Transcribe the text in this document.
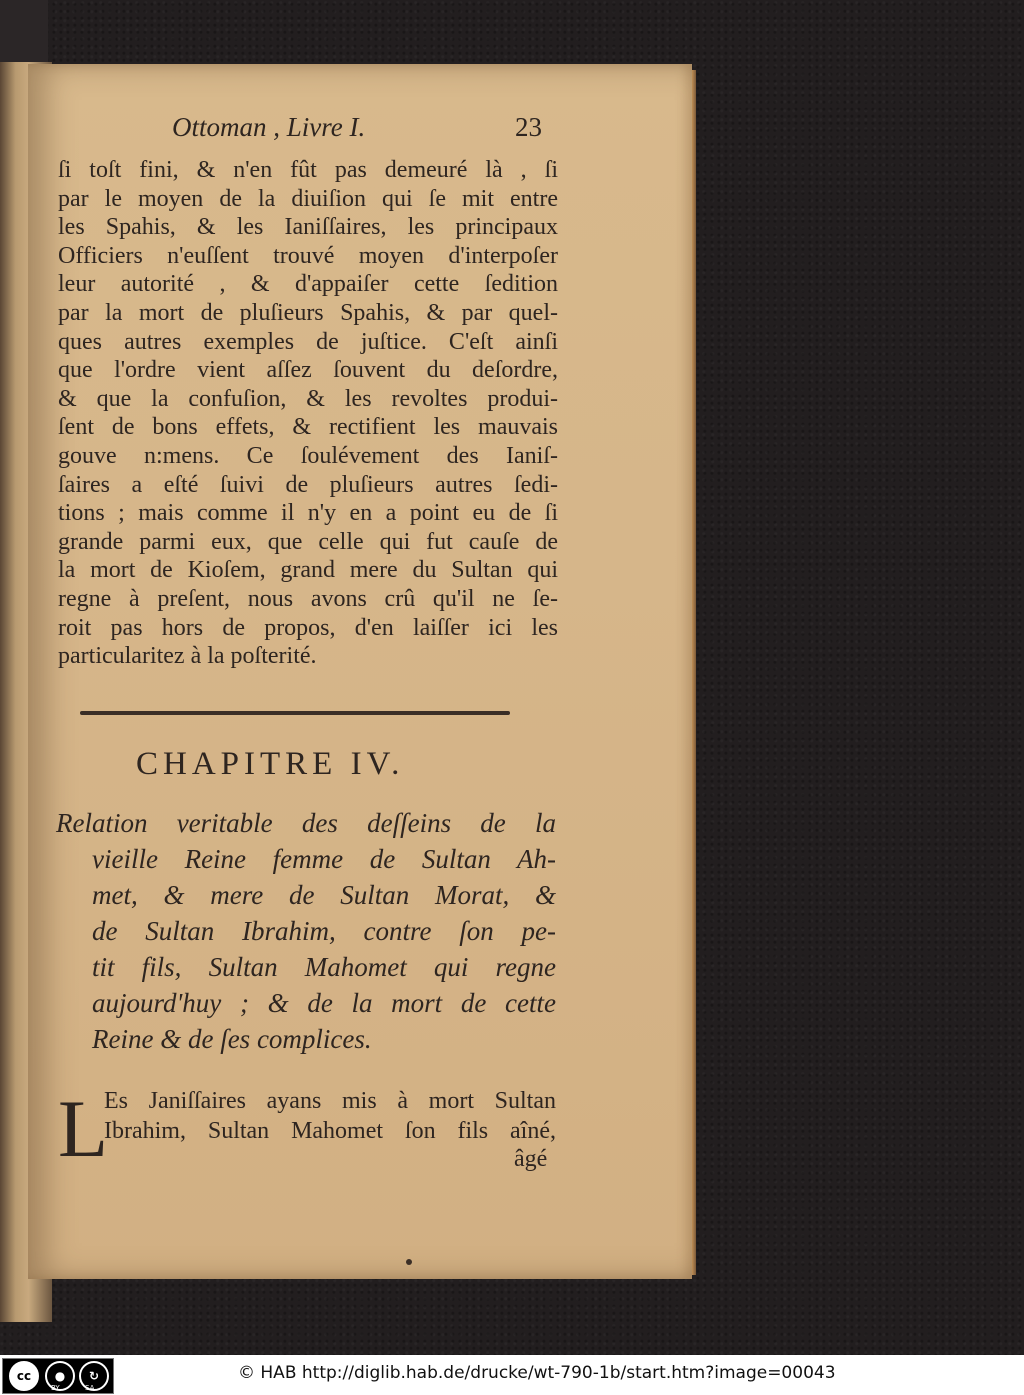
Ottoman , Livre I.	23
ſi toſt fini, & n'en fût pas demeuré là , ſi
par le moyen de la diuiſion qui ſe mit entre
les Spahis, & les Ianiſſaires, les principaux
Officiers n'euſſent trouvé moyen d'interpoſer
leur autorité , & d'appaiſer cette ſedition
par la mort de pluſieurs Spahis, & par quel-
ques autres exemples de juſtice. C'eſt ainſi
que l'ordre vient aſſez ſouvent du deſordre,
& que la confuſion, & les revoltes produi-
ſent de bons effets, & rectifient les mauvais
gouve n:mens. Ce ſoulévement des Ianiſ-
ſaires a eſté ſuivi de pluſieurs autres ſedi-
tions ; mais comme il n'y en a point eu de ſi
grande parmi eux, que celle qui fut cauſe de
la mort de Kioſem, grand mere du Sultan qui
regne à preſent, nous avons crû qu'il ne ſe-
roit pas hors de propos, d'en laiſſer ici les
particularitez à la poſterité.
CHAPITRE IV.
Relation veritable des deſſeins de la
vieille Reine femme de Sultan Ah-
met, & mere de Sultan Morat, &
de Sultan Ibrahim, contre ſon pe-
tit fils, Sultan Mahomet qui regne
aujourd'huy ; & de la mort de cette
Reine & de ſes complices.
L
Es Janiſſaires ayans mis à mort Sultan
Ibrahim, Sultan Mahomet ſon fils aîné,
âgé
cc	●	↻
BY	SA
© HAB http://diglib.hab.de/drucke/wt-790-1b/start.htm?image=00043
